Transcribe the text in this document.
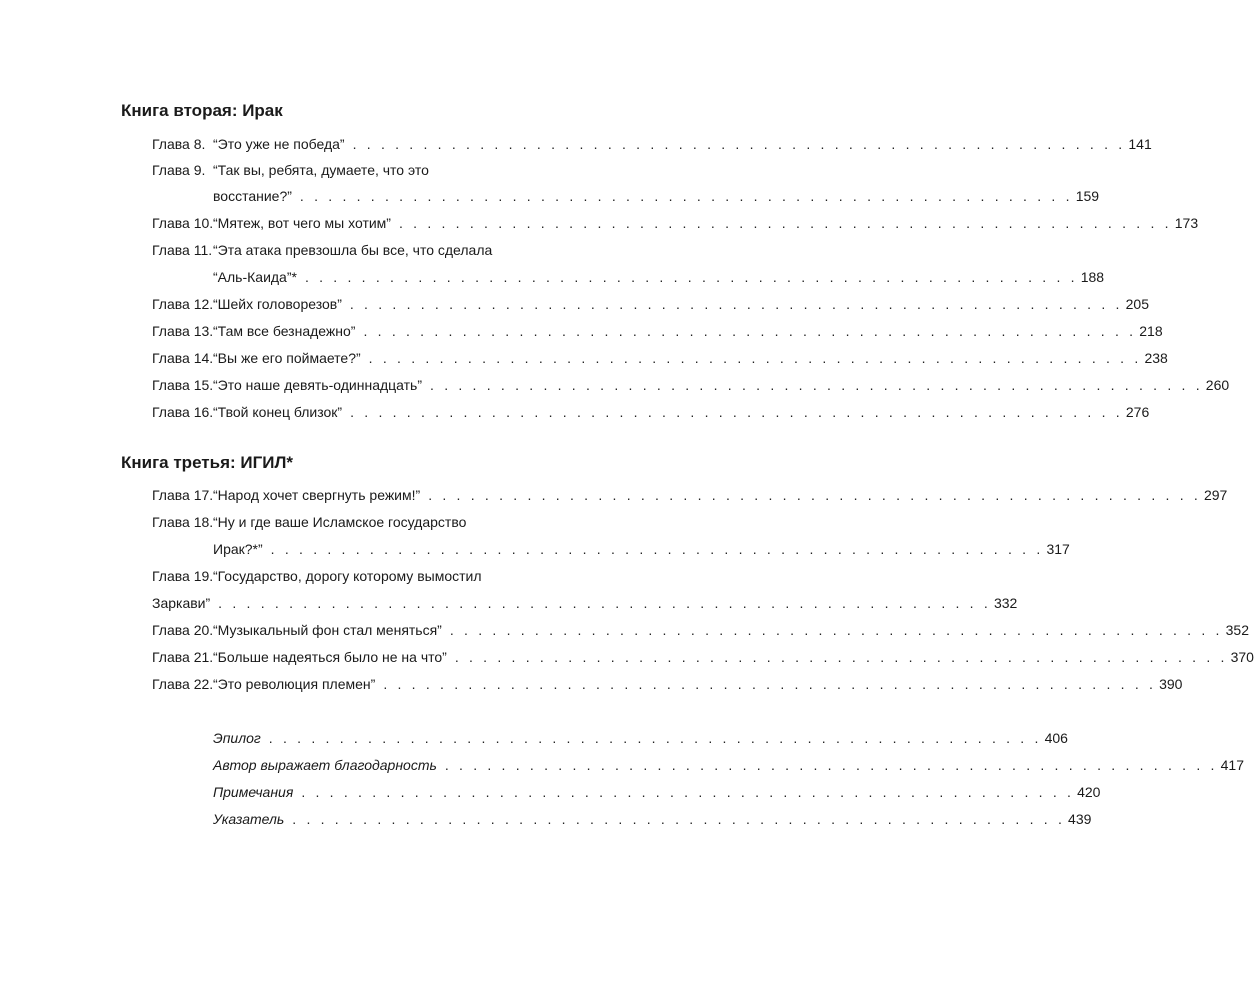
Книга вторая: Ирак
Глава 8. “Это уже не победа” . . . . . . . . . . . . . . . . . . . . . . . . . . . . . . . . . . . . . . . . . . . . . . . . . . . . . . . 141
Глава 9. “Так вы, ребята, думаете, что это
восстание?” . . . . . . . . . . . . . . . . . . . . . . . . . . . . . . . . . . . . . . . . . . . . . . . . . . . . . . . 159
Глава 10. “Мятеж, вот чего мы хотим” . . . . . . . . . . . . . . . . . . . . . . . . . . . . . . . . . . . . . . . . . . . . . . . . . . . . . . . 173
Глава 11. “Эта атака превзошла бы все, что сделала
“Аль-Каида”* . . . . . . . . . . . . . . . . . . . . . . . . . . . . . . . . . . . . . . . . . . . . . . . . . . . . . . . 188
Глава 12. “Шейх головорезов” . . . . . . . . . . . . . . . . . . . . . . . . . . . . . . . . . . . . . . . . . . . . . . . . . . . . . . . 205
Глава 13. “Там все безнадежно” . . . . . . . . . . . . . . . . . . . . . . . . . . . . . . . . . . . . . . . . . . . . . . . . . . . . . . . 218
Глава 14. “Вы же его поймаете?” . . . . . . . . . . . . . . . . . . . . . . . . . . . . . . . . . . . . . . . . . . . . . . . . . . . . . . . 238
Глава 15. “Это наше девять-одиннадцать” . . . . . . . . . . . . . . . . . . . . . . . . . . . . . . . . . . . . . . . . . . . . . . . . . . . . . . . 260
Глава 16. “Твой конец близок” . . . . . . . . . . . . . . . . . . . . . . . . . . . . . . . . . . . . . . . . . . . . . . . . . . . . . . . 276
Книга третья: ИГИЛ*
Глава 17. “Народ хочет свергнуть режим!” . . . . . . . . . . . . . . . . . . . . . . . . . . . . . . . . . . . . . . . . . . . . . . . . . . . . . . . 297
Глава 18. “Ну и где ваше Исламское государство
Ирак?*” . . . . . . . . . . . . . . . . . . . . . . . . . . . . . . . . . . . . . . . . . . . . . . . . . . . . . . . 317
Глава 19. “Государство, дорогу которому вымостил
Заркави” . . . . . . . . . . . . . . . . . . . . . . . . . . . . . . . . . . . . . . . . . . . . . . . . . . . . . . . 332
Глава 20. “Музыкальный фон стал меняться” . . . . . . . . . . . . . . . . . . . . . . . . . . . . . . . . . . . . . . . . . . . . . . . . . . . . . . . 352
Глава 21. “Больше надеяться было не на что” . . . . . . . . . . . . . . . . . . . . . . . . . . . . . . . . . . . . . . . . . . . . . . . . . . . . . . . 370
Глава 22. “Это революция племен” . . . . . . . . . . . . . . . . . . . . . . . . . . . . . . . . . . . . . . . . . . . . . . . . . . . . . . . 390
Эпилог . . . . . . . . . . . . . . . . . . . . . . . . . . . . . . . . . . . . . . . . . . . . . . . . . . . . . . . 406
Автор выражает благодарность . . . . . . . . . . . . . . . . . . . . . . . . . . . . . . . . . . . . . . . . . . . . . . . . . . . . . . . 417
Примечания . . . . . . . . . . . . . . . . . . . . . . . . . . . . . . . . . . . . . . . . . . . . . . . . . . . . . . . 420
Указатель . . . . . . . . . . . . . . . . . . . . . . . . . . . . . . . . . . . . . . . . . . . . . . . . . . . . . . . 439
